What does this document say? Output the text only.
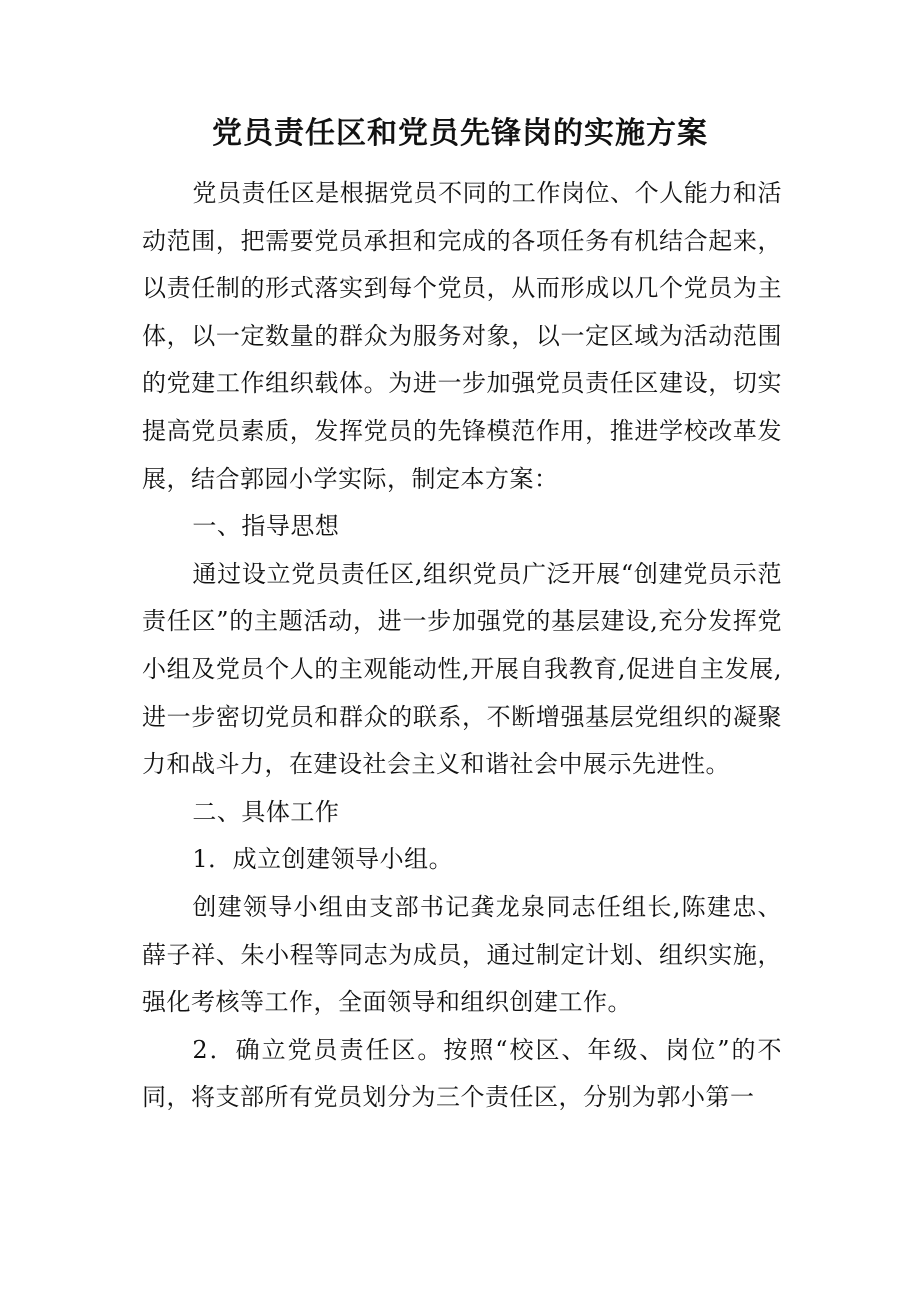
党员责任区和党员先锋岗的实施方案

党员责任区是根据党员不同的工作岗位、个人能力和活动范围，把需要党员承担和完成的各项任务有机结合起来，以责任制的形式落实到每个党员，从而形成以几个党员为主体，以一定数量的群众为服务对象，以一定区域为活动范围的党建工作组织载体。为进一步加强党员责任区建设，切实提高党员素质，发挥党员的先锋模范作用，推进学校改革发展，结合郭园小学实际，制定本方案：

一、指导思想

通过设立党员责任区,组织党员广泛开展“创建党员示范责任区”的主题活动，进一步加强党的基层建设,充分发挥党小组及党员个人的主观能动性,开展自我教育,促进自主发展,进一步密切党员和群众的联系，不断增强基层党组织的凝聚力和战斗力，在建设社会主义和谐社会中展示先进性。

二、具体工作

1．成立创建领导小组。

创建领导小组由支部书记龚龙泉同志任组长,陈建忠、薛子祥、朱小程等同志为成员，通过制定计划、组织实施，强化考核等工作，全面领导和组织创建工作。

2．确立党员责任区。按照“校区、年级、岗位”的不同，将支部所有党员划分为三个责任区，分别为郭小第一
